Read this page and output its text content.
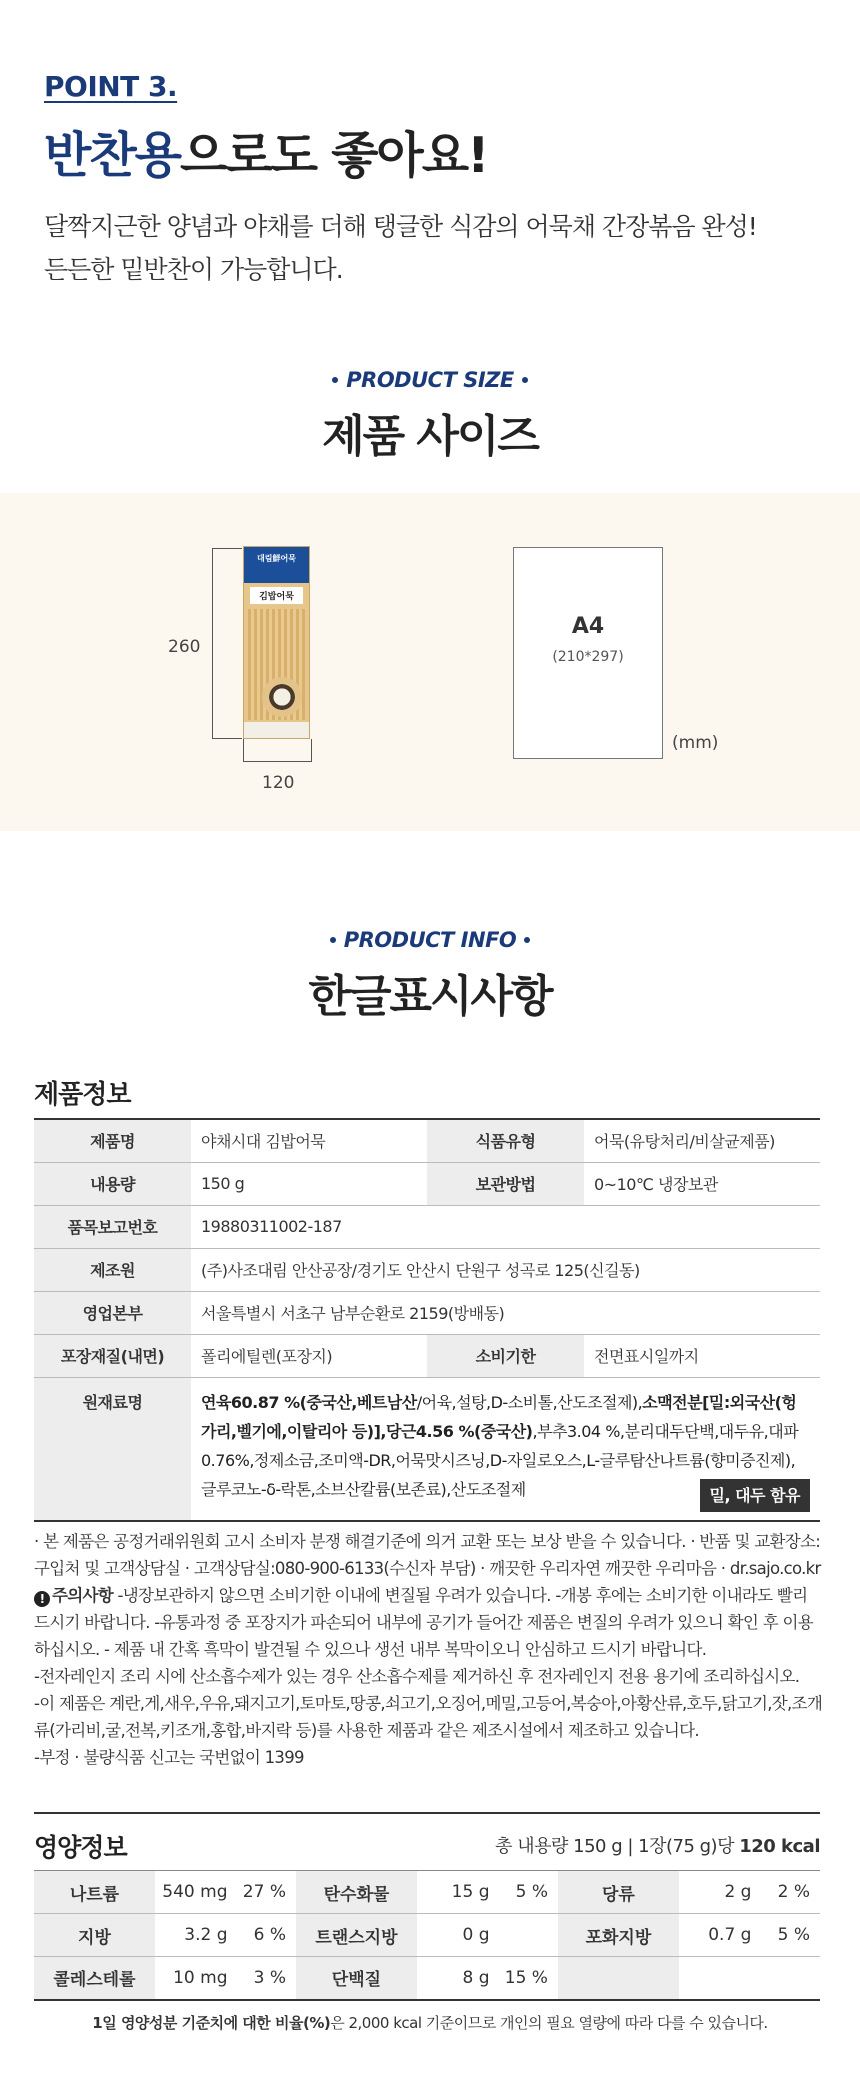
POINT 3.
반찬용으로도 좋아요!
달짝지근한 양념과 야채를 더해 탱글한 식감의 어묵채 간장볶음 완성!
든든한 밑반찬이 가능합니다.
PRODUCT SIZE
제품 사이즈
260
대림鮮어묵
김밥어묵
120
A4
(210*297)
(mm)
PRODUCT INFO
한글표시사항
제품정보
제품명	야채시대 김밥어묵	식품유형	어묵(유탕처리/비살균제품)
내용량	150 g	보관방법	0~10℃ 냉장보관
품목보고번호	19880311002-187		
제조원	(주)사조대림 안산공장/경기도 안산시 단원구 성곡로 125(신길동)		
영업본부	서울특별시 서초구 남부순환로 2159(방배동)		
포장재질(내면)	폴리에틸렌(포장지)	소비기한	전면표시일까지
원재료명	연육60.87 %(중국산,베트남산/어육,설탕,D-소비톨,산도조절제),소맥전분[밀:외국산(헝가리,벨기에,이탈리아 등)],당근4.56 %(중국산),부추3.04 %,분리대두단백,대두유,대파0.76%,정제소금,조미액-DR,어묵맛시즈닝,D-자일로오스,L-글루탐산나트륨(향미증진제),글루코노-δ-락톤,소브산칼륨(보존료),산도조절제 밀, 대두 함유		
· 본 제품은 공정거래위원회 고시 소비자 분쟁 해결기준에 의거 교환 또는 보상 받을 수 있습니다. · 반품 및 교환장소:구입처 및 고객상담실 · 고객상담실:080-900-6133(수신자 부담) · 깨끗한 우리자연 깨끗한 우리마음 · dr.sajo.co.kr
! 주의사항 -냉장보관하지 않으면 소비기한 이내에 변질될 우려가 있습니다. -개봉 후에는 소비기한 이내라도 빨리 드시기 바랍니다. -유통과정 중 포장지가 파손되어 내부에 공기가 들어간 제품은 변질의 우려가 있으니 확인 후 이용하십시오. - 제품 내 간혹 흑막이 발견될 수 있으나 생선 내부 복막이오니 안심하고 드시기 바랍니다.
-전자레인지 조리 시에 산소흡수제가 있는 경우 산소흡수제를 제거하신 후 전자레인지 전용 용기에 조리하십시오.
-이 제품은 계란,게,새우,우유,돼지고기,토마토,땅콩,쇠고기,오징어,메밀,고등어,복숭아,아황산류,호두,닭고기,잣,조개류(가리비,굴,전복,키조개,홍합,바지락 등)를 사용한 제품과 같은 제조시설에서 제조하고 있습니다.
-부정 · 불량식품 신고는 국번없이 1399
영양정보	총 내용량 150 g | 1장(75 g)당 120 kcal
나트륨	540 mg	27 %	탄수화물	15 g	5 %	당류	2 g	2 %
지방	3.2 g	6 %	트랜스지방	0 g		포화지방	0.7 g	5 %
콜레스테롤	10 mg	3 %	단백질	8 g	15 %			
1일 영양성분 기준치에 대한 비율(%)은 2,000 kcal 기준이므로 개인의 필요 열량에 따라 다를 수 있습니다.
